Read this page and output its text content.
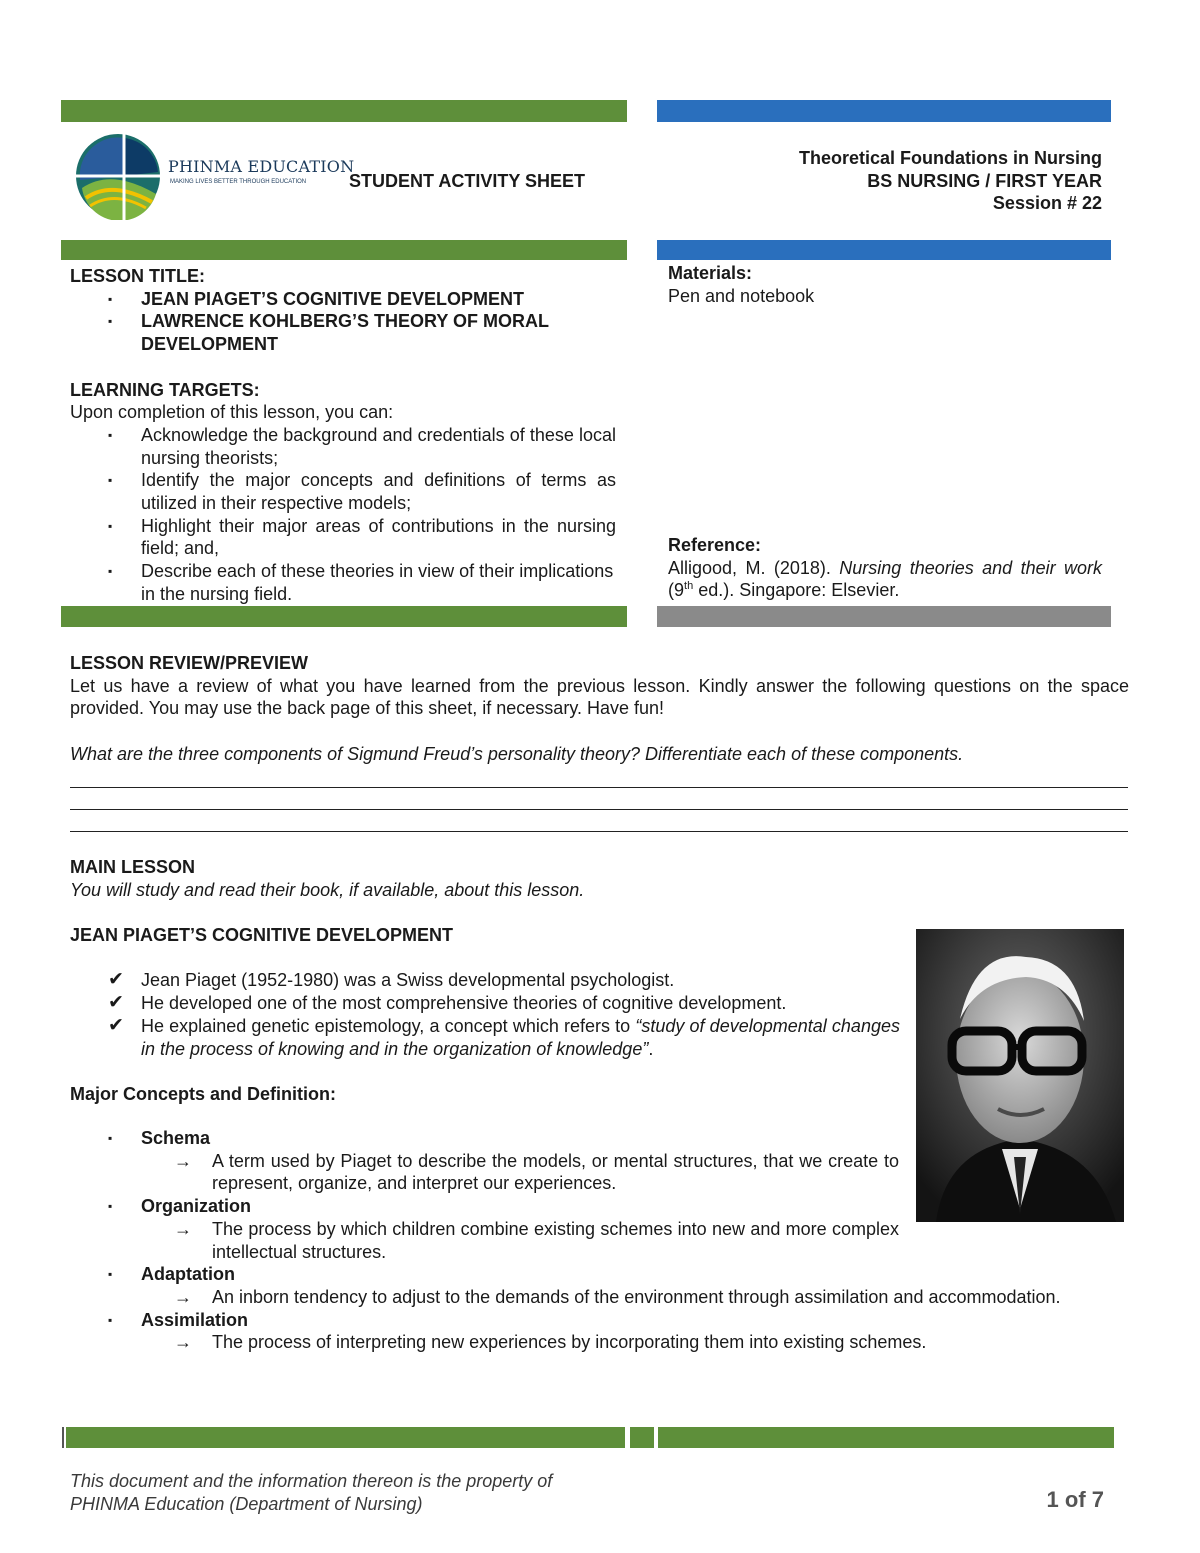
PHINMA EDUCATION
MAKING LIVES BETTER THROUGH EDUCATION STUDENT ACTIVITY SHEET
Theoretical Foundations in Nursing
BS NURSING / FIRST YEAR
Session # 22
LESSON TITLE:
▪ JEAN PIAGET’S COGNITIVE DEVELOPMENT
▪ LAWRENCE KOHLBERG’S THEORY OF MORAL DEVELOPMENT
LEARNING TARGETS:
Upon completion of this lesson, you can:
▪ Acknowledge the background and credentials of these local nursing theorists;
▪ Identify the major concepts and definitions of terms as utilized in their respective models;
▪ Highlight their major areas of contributions in the nursing field; and,
▪ Describe each of these theories in view of their implications in the nursing field.
Materials:
Pen and notebook
Reference:
Alligood, M. (2018). Nursing theories and their work (9th ed.). Singapore: Elsevier.
LESSON REVIEW/PREVIEW
Let us have a review of what you have learned from the previous lesson. Kindly answer the following questions on the space provided. You may use the back page of this sheet, if necessary. Have fun!
What are the three components of Sigmund Freud’s personality theory? Differentiate each of these components.
MAIN LESSON
You will study and read their book, if available, about this lesson.
JEAN PIAGET’S COGNITIVE DEVELOPMENT
✔ Jean Piaget (1952-1980) was a Swiss developmental psychologist.
✔ He developed one of the most comprehensive theories of cognitive development.
✔ He explained genetic epistemology, a concept which refers to “study of developmental changes in the process of knowing and in the organization of knowledge”.
Major Concepts and Definition:
▪ Schema
→ A term used by Piaget to describe the models, or mental structures, that we create to represent, organize, and interpret our experiences.
▪ Organization
→ The process by which children combine existing schemes into new and more complex intellectual structures.
▪ Adaptation
→ An inborn tendency to adjust to the demands of the environment through assimilation and accommodation.
▪ Assimilation
→ The process of interpreting new experiences by incorporating them into existing schemes.
This document and the information thereon is the property of
PHINMA Education (Department of Nursing)	1 of 7
